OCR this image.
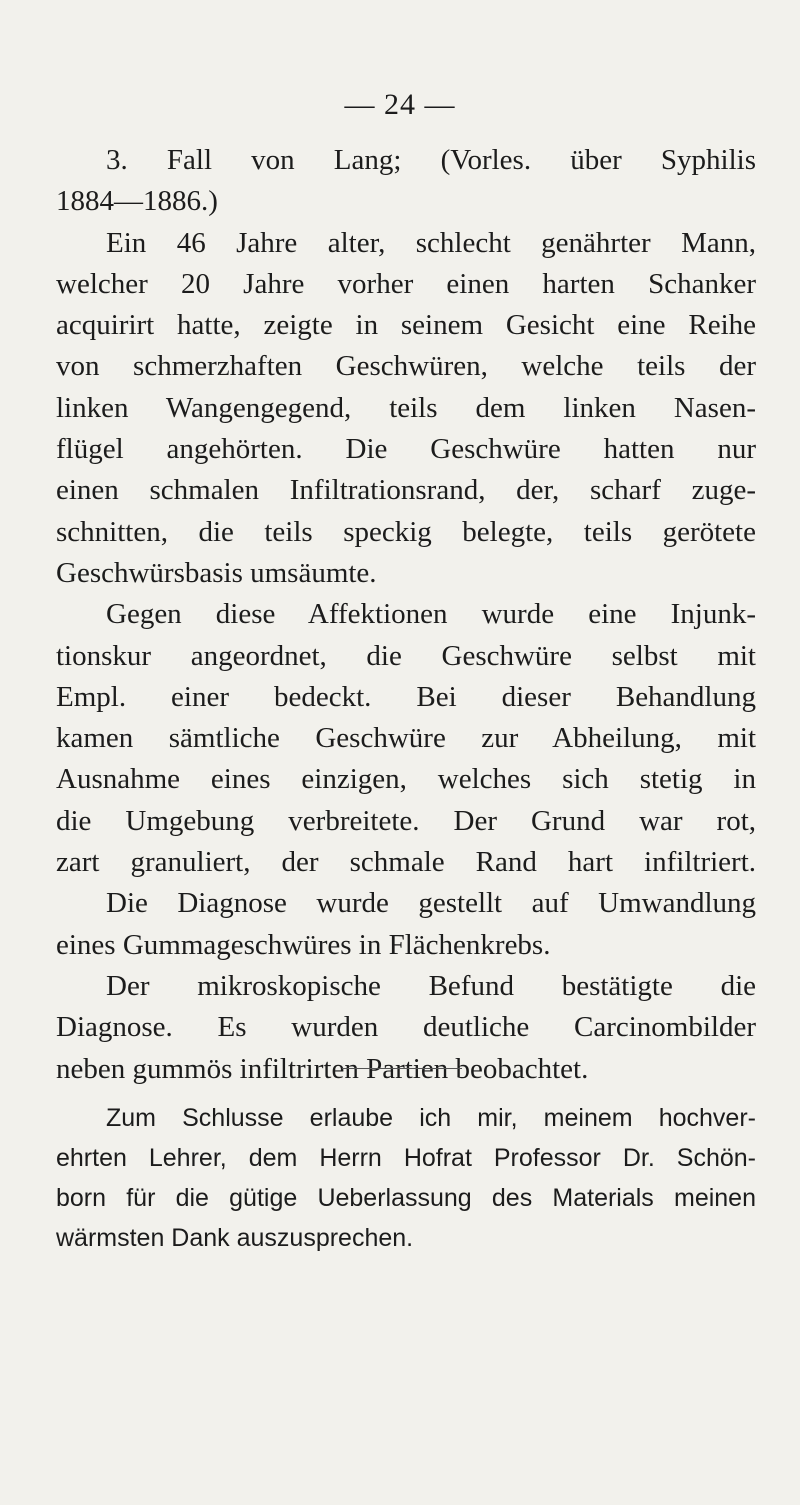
— 24 —
3. Fall von Lang; (Vorles. über Syphilis
1884—1886.)
Ein 46 Jahre alter, schlecht genährter Mann,
welcher 20 Jahre vorher einen harten Schanker
acquirirt hatte, zeigte in seinem Gesicht eine Reihe
von schmerzhaften Geschwüren, welche teils der
linken Wangengegend, teils dem linken Nasen-
flügel angehörten. Die Geschwüre hatten nur
einen schmalen Infiltrationsrand, der, scharf zuge-
schnitten, die teils speckig belegte, teils gerötete
Geschwürsbasis umsäumte.
Gegen diese Affektionen wurde eine Injunk-
tionskur angeordnet, die Geschwüre selbst mit
Empl. einer bedeckt. Bei dieser Behandlung
kamen sämtliche Geschwüre zur Abheilung, mit
Ausnahme eines einzigen, welches sich stetig in
die Umgebung verbreitete. Der Grund war rot,
zart granuliert, der schmale Rand hart infiltriert.
Die Diagnose wurde gestellt auf Umwandlung
eines Gummageschwüres in Flächenkrebs.
Der mikroskopische Befund bestätigte die
Diagnose. Es wurden deutliche Carcinombilder
neben gummös infiltrirten Partien beobachtet.
Zum Schlusse erlaube ich mir, meinem hochver-
ehrten Lehrer, dem Herrn Hofrat Professor Dr. Schön-
born für die gütige Ueberlassung des Materials meinen
wärmsten Dank auszusprechen.
